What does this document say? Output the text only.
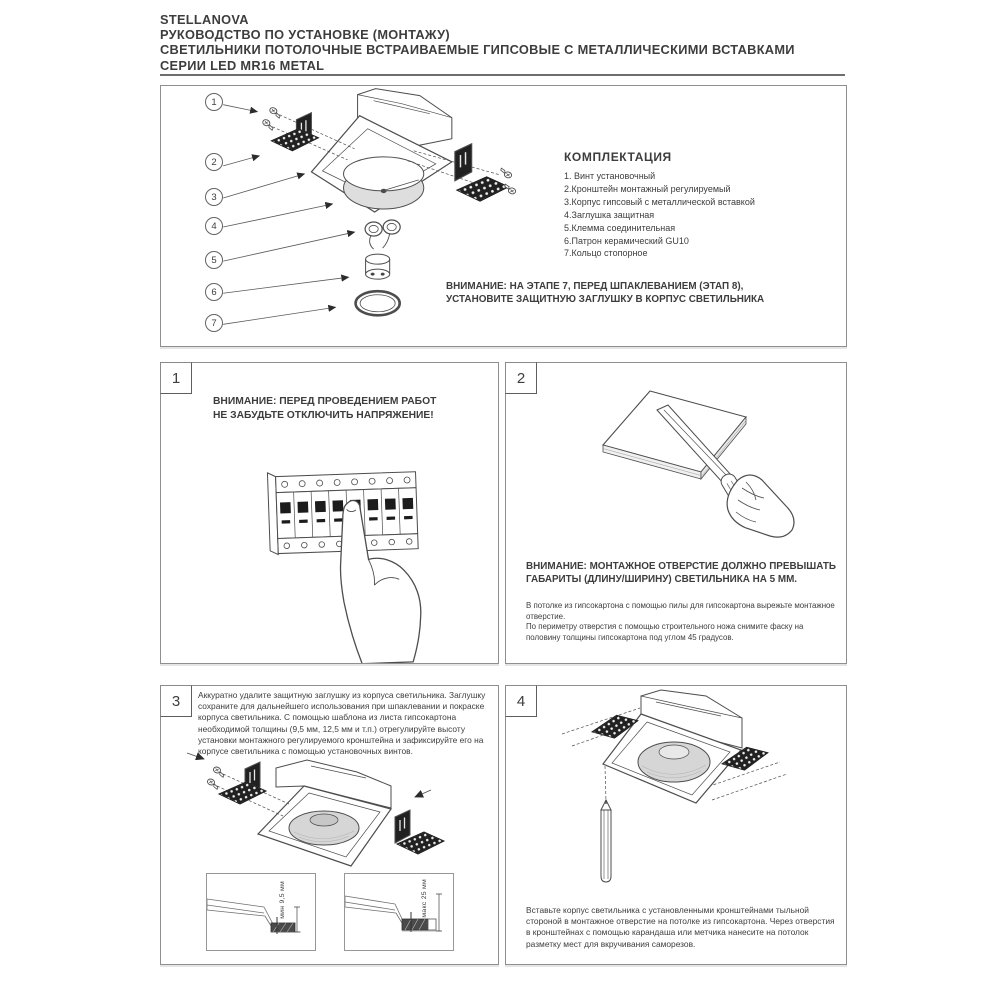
STELLANOVA
РУКОВОДСТВО ПО УСТАНОВКЕ (МОНТАЖУ)
СВЕТИЛЬНИКИ ПОТОЛОЧНЫЕ ВСТРАИВАЕМЫЕ ГИПСОВЫЕ С МЕТАЛЛИЧЕСКИМИ ВСТАВКАМИ
СЕРИИ LED MR16 METAL
1
2
3
4
5
6
7
КОМПЛЕКТАЦИЯ
1. Винт установочный
2.Кронштейн монтажный регулируемый
3.Корпус гипсовый с металлической вставкой
4.Заглушка защитная
5.Клемма соединительная
6.Патрон керамический GU10
7.Кольцо стопорное
ВНИМАНИЕ: НА ЭТАПЕ 7, ПЕРЕД ШПАКЛЕВАНИЕМ (ЭТАП 8),
УСТАНОВИТЕ ЗАЩИТНУЮ ЗАГЛУШКУ В КОРПУС СВЕТИЛЬНИКА
1
ВНИМАНИЕ: ПЕРЕД ПРОВЕДЕНИЕМ РАБОТ
НЕ ЗАБУДЬТЕ ОТКЛЮЧИТЬ НАПРЯЖЕНИЕ!
2
ВНИМАНИЕ: МОНТАЖНОЕ ОТВЕРСТИЕ ДОЛЖНО ПРЕВЫШАТЬ ГАБАРИТЫ (ДЛИНУ/ШИРИНУ) СВЕТИЛЬНИКА НА 5 ММ.
В потолке из гипсокартона с помощью пилы для гипсокартона вырежьте монтажное отверстие.
По периметру отверстия с помощью строительного ножа снимите фаску на половину толщины гипсокартона под углом 45 градусов.
3	Аккуратно удалите защитную заглушку из корпуса светильника. Заглушку сохраните для дальнейшего использования при шпаклевании и покраске корпуса светильника. С помощью шаблона из листа гипсокартона необходимой толщины (9,5 мм, 12,5 мм и т.п.) отрегулируйте высоту установки монтажного регулируемого кронштейна и зафиксируйте его на корпусе светильника с помощью установочных винтов.
мин 9,5 мм	макс 25 мм
4
Вставьте корпус светильника с установленными кронштейнами тыльной стороной в монтажное отверстие на потолке из гипсокартона. Через отверстия в кронштейнах с помощью карандаша или метчика нанесите на потолок разметку мест для вкручивания саморезов.
